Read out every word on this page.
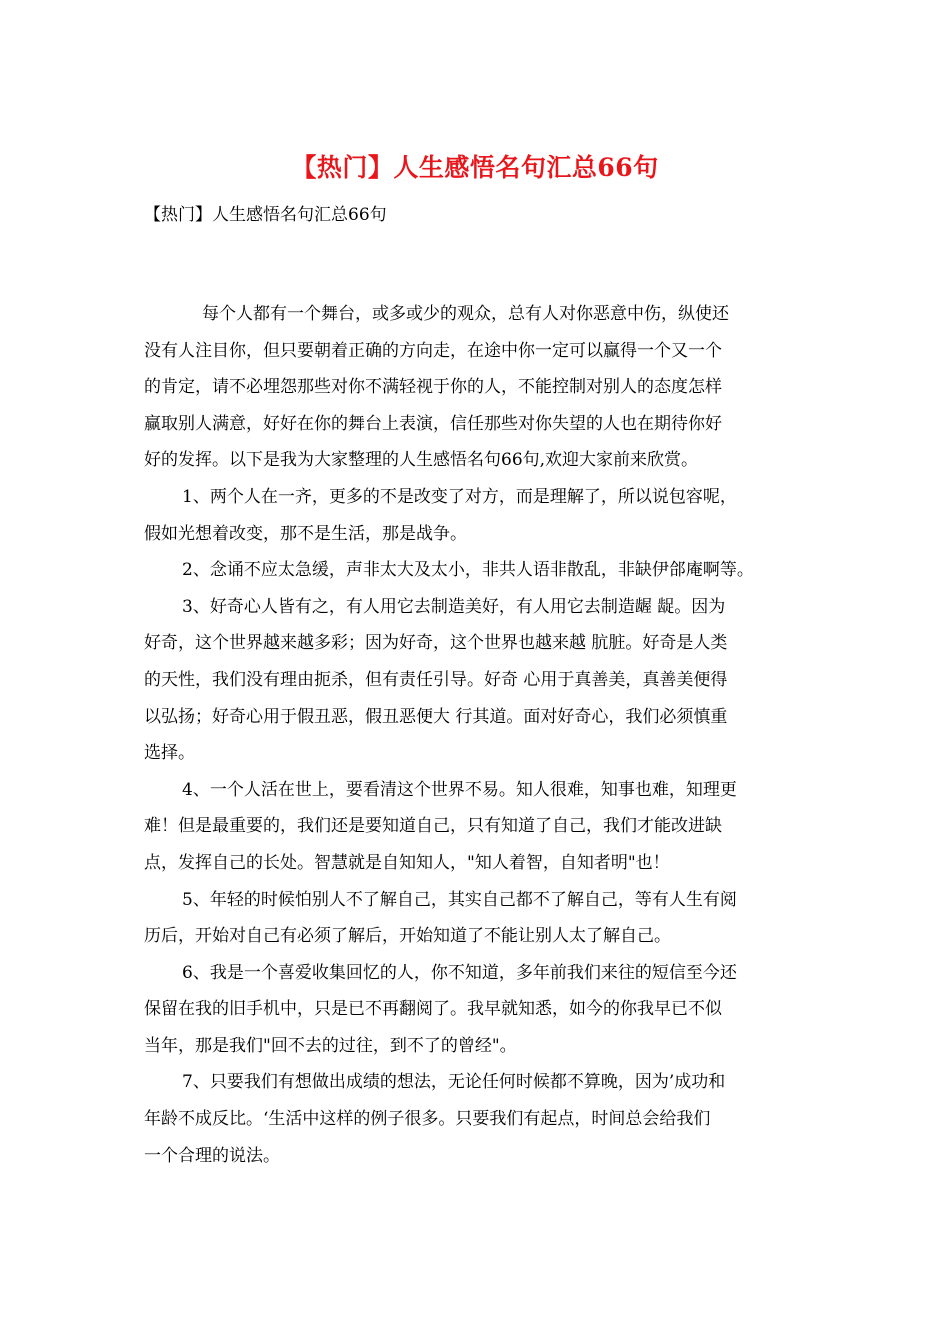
【热门】人生感悟名句汇总66句

【热门】人生感悟名句汇总66句

每个人都有一个舞台，或多或少的观众，总有人对你恶意中伤，纵使还

没有人注目你，但只要朝着正确的方向走，在途中你一定可以赢得一个又一个

的肯定，请不必埋怨那些对你不满轻视于你的人，不能控制对别人的态度怎样

赢取别人满意，好好在你的舞台上表演，信任那些对你失望的人也在期待你好

好的发挥。以下是我为大家整理的人生感悟名句66句,欢迎大家前来欣赏。

1、两个人在一齐，更多的不是改变了对方，而是理解了，所以说包容呢，

假如光想着改变，那不是生活，那是战争。

2、念诵不应太急缓，声非太大及太小，非共人语非散乱，非缺伊郃庵啊等。

3、好奇心人皆有之，有人用它去制造美好，有人用它去制造龌 龊。因为

好奇，这个世界越来越多彩；因为好奇，这个世界也越来越 肮脏。好奇是人类

的天性，我们没有理由扼杀，但有责任引导。好奇 心用于真善美，真善美便得

以弘扬；好奇心用于假丑恶，假丑恶便大 行其道。面对好奇心，我们必须慎重

选择。

4、一个人活在世上，要看清这个世界不易。知人很难，知事也难，知理更

难！但是最重要的，我们还是要知道自己，只有知道了自己，我们才能改进缺

点，发挥自己的长处。智慧就是自知知人，"知人着智，自知者明"也！

5、年轻的时候怕别人不了解自己，其实自己都不了解自己，等有人生有阅

历后，开始对自己有必须了解后，开始知道了不能让别人太了解自己。

6、我是一个喜爱收集回忆的人，你不知道，多年前我们来往的短信至今还

保留在我的旧手机中，只是已不再翻阅了。我早就知悉，如今的你我早已不似

当年，那是我们"回不去的过往，到不了的曾经"。

7、只要我们有想做出成绩的想法，无论任何时候都不算晚，因为’成功和

年龄不成反比。‘生活中这样的例子很多。只要我们有起点，时间总会给我们

一个合理的说法。
